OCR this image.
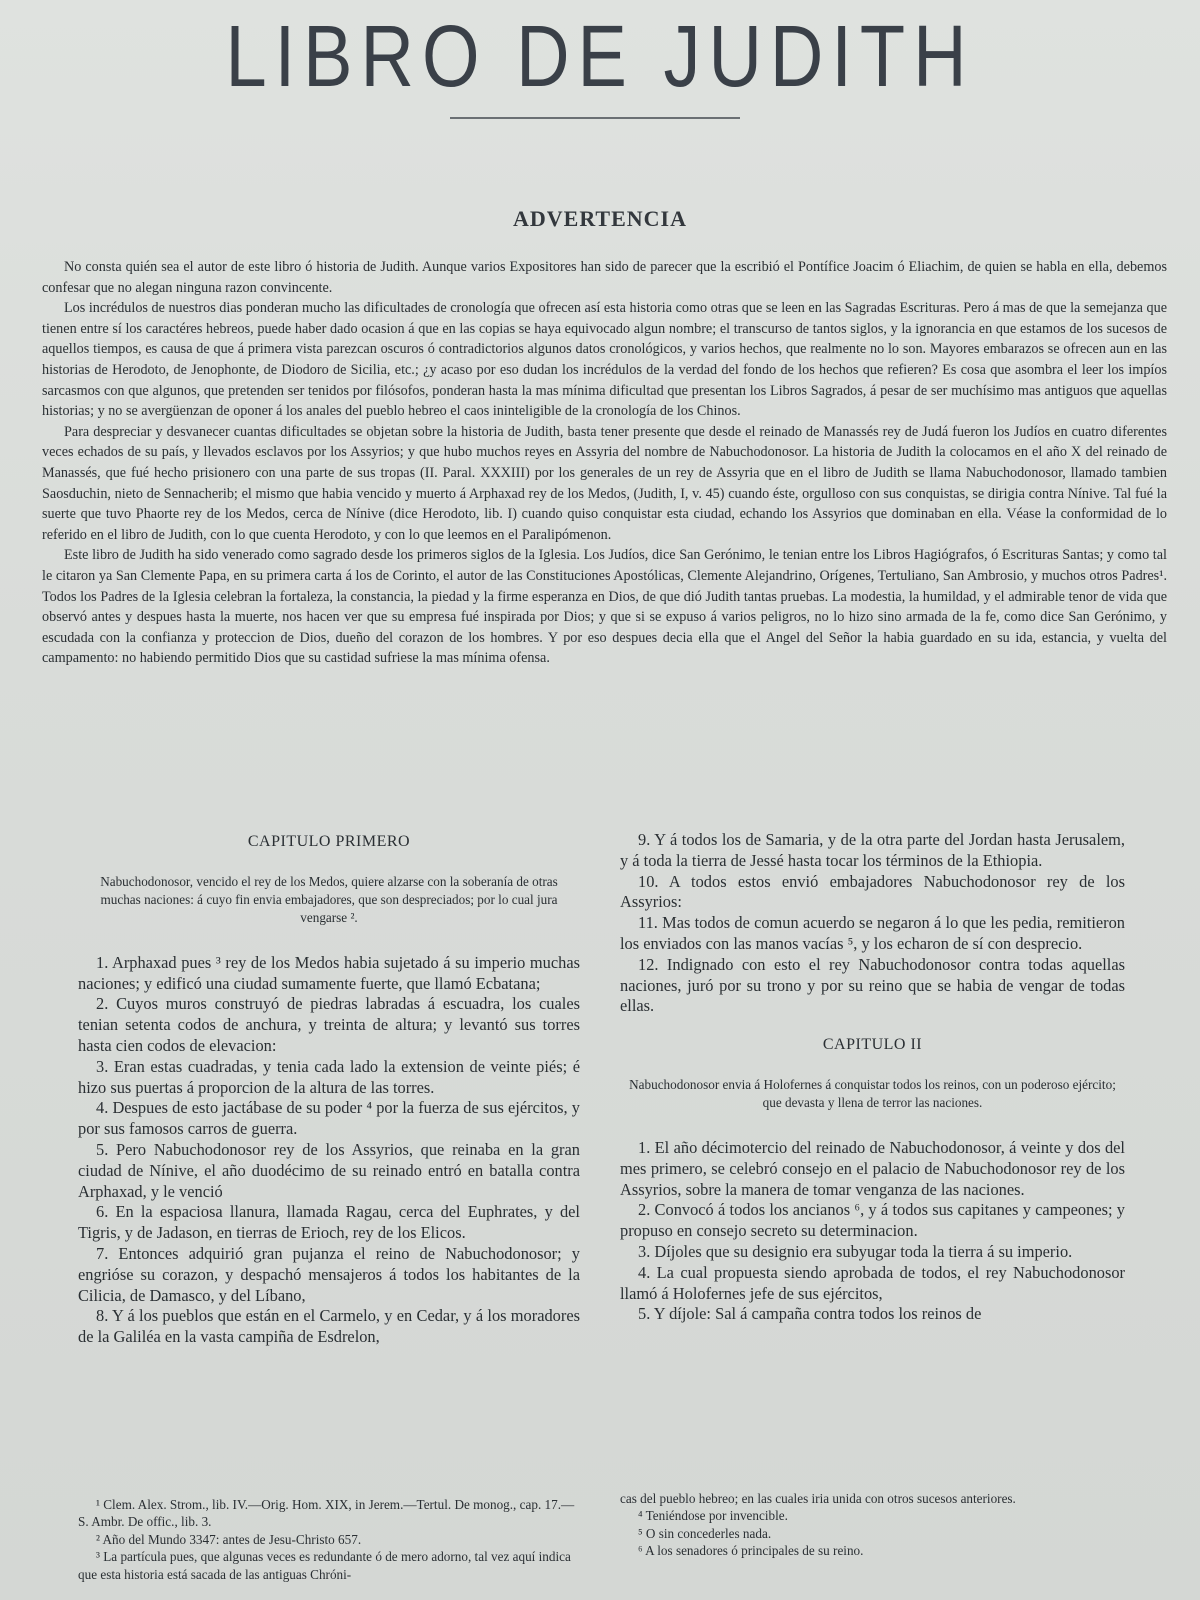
LIBRO DE JUDITH
ADVERTENCIA

No consta quién sea el autor de este libro ó historia de Judith. Aunque varios Expositores han sido de parecer que la escribió el Pontífice Joacim ó Eliachim, de quien se habla en ella, debemos confesar que no alegan ninguna razon convincente.

Los incrédulos de nuestros dias ponderan mucho las dificultades de cronología que ofrecen así esta historia como otras que se leen en las Sagradas Escrituras. Pero á mas de que la semejanza que tienen entre sí los caractéres hebreos, puede haber dado ocasion á que en las copias se haya equivocado algun nombre; el transcurso de tantos siglos, y la ignorancia en que estamos de los sucesos de aquellos tiempos, es causa de que á primera vista parezcan oscuros ó contradictorios algunos datos cronológicos, y varios hechos, que realmente no lo son. Mayores embarazos se ofrecen aun en las historias de Herodoto, de Jenophonte, de Diodoro de Sicilia, etc.; ¿y acaso por eso dudan los incrédulos de la verdad del fondo de los hechos que refieren? Es cosa que asombra el leer los impíos sarcasmos con que algunos, que pretenden ser tenidos por filósofos, ponderan hasta la mas mínima dificultad que presentan los Libros Sagrados, á pesar de ser muchísimo mas antiguos que aquellas historias; y no se avergüenzan de oponer á los anales del pueblo hebreo el caos ininteligible de la cronología de los Chinos.

Para despreciar y desvanecer cuantas dificultades se objetan sobre la historia de Judith, basta tener presente que desde el reinado de Manassés rey de Judá fueron los Judíos en cuatro diferentes veces echados de su país, y llevados esclavos por los Assyrios; y que hubo muchos reyes en Assyria del nombre de Nabuchodonosor. La historia de Judith la colocamos en el año X del reinado de Manassés, que fué hecho prisionero con una parte de sus tropas (II. Paral. XXXIII) por los generales de un rey de Assyria que en el libro de Judith se llama Nabuchodonosor, llamado tambien Saosduchin, nieto de Sennacherib; el mismo que habia vencido y muerto á Arphaxad rey de los Medos, (Judith, I, v. 45) cuando éste, orgulloso con sus conquistas, se dirigia contra Nínive. Tal fué la suerte que tuvo Phaorte rey de los Medos, cerca de Nínive (dice Herodoto, lib. I) cuando quiso conquistar esta ciudad, echando los Assyrios que dominaban en ella. Véase la conformidad de lo referido en el libro de Judith, con lo que cuenta Herodoto, y con lo que leemos en el Paralipómenon.

Este libro de Judith ha sido venerado como sagrado desde los primeros siglos de la Iglesia. Los Judíos, dice San Gerónimo, le tenian entre los Libros Hagiógrafos, ó Escrituras Santas; y como tal le citaron ya San Clemente Papa, en su primera carta á los de Corinto, el autor de las Constituciones Apostólicas, Clemente Alejandrino, Orígenes, Tertuliano, San Ambrosio, y muchos otros Padres¹. Todos los Padres de la Iglesia celebran la fortaleza, la constancia, la piedad y la firme esperanza en Dios, de que dió Judith tantas pruebas. La modestia, la humildad, y el admirable tenor de vida que observó antes y despues hasta la muerte, nos hacen ver que su empresa fué inspirada por Dios; y que si se expuso á varios peligros, no lo hizo sino armada de la fe, como dice San Gerónimo, y escudada con la confianza y proteccion de Dios, dueño del corazon de los hombres. Y por eso despues decia ella que el Angel del Señor la habia guardado en su ida, estancia, y vuelta del campamento: no habiendo permitido Dios que su castidad sufriese la mas mínima ofensa.

CAPITULO PRIMERO

Nabuchodonosor, vencido el rey de los Medos, quiere alzarse con la soberanía de otras muchas naciones: á cuyo fin envia embajadores, que son despreciados; por lo cual jura vengarse ².

1. Arphaxad pues ³ rey de los Medos habia sujetado á su imperio muchas naciones; y edificó una ciudad sumamente fuerte, que llamó Ecbatana;

2. Cuyos muros construyó de piedras labradas á escuadra, los cuales tenian setenta codos de anchura, y treinta de altura; y levantó sus torres hasta cien codos de elevacion:

3. Eran estas cuadradas, y tenia cada lado la extension de veinte piés; é hizo sus puertas á proporcion de la altura de las torres.

4. Despues de esto jactábase de su poder ⁴ por la fuerza de sus ejércitos, y por sus famosos carros de guerra.

5. Pero Nabuchodonosor rey de los Assyrios, que reinaba en la gran ciudad de Nínive, el año duodécimo de su reinado entró en batalla contra Arphaxad, y le venció

6. En la espaciosa llanura, llamada Ragau, cerca del Euphrates, y del Tigris, y de Jadason, en tierras de Erioch, rey de los Elicos.

7. Entonces adquirió gran pujanza el reino de Nabuchodonosor; y engrióse su corazon, y despachó mensajeros á todos los habitantes de la Cilicia, de Damasco, y del Líbano,

8. Y á los pueblos que están en el Carmelo, y en Cedar, y á los moradores de la Galiléa en la vasta campiña de Esdrelon,

9. Y á todos los de Samaria, y de la otra parte del Jordan hasta Jerusalem, y á toda la tierra de Jessé hasta tocar los términos de la Ethiopia.

10. A todos estos envió embajadores Nabuchodonosor rey de los Assyrios:

11. Mas todos de comun acuerdo se negaron á lo que les pedia, remitieron los enviados con las manos vacías ⁵, y los echaron de sí con desprecio.

12. Indignado con esto el rey Nabuchodonosor contra todas aquellas naciones, juró por su trono y por su reino que se habia de vengar de todas ellas.

CAPITULO II

Nabuchodonosor envia á Holofernes á conquistar todos los reinos, con un poderoso ejército; que devasta y llena de terror las naciones.

1. El año décimotercio del reinado de Nabuchodonosor, á veinte y dos del mes primero, se celebró consejo en el palacio de Nabuchodonosor rey de los Assyrios, sobre la manera de tomar venganza de las naciones.

2. Convocó á todos los ancianos ⁶, y á todos sus capitanes y campeones; y propuso en consejo secreto su determinacion.

3. Díjoles que su designio era subyugar toda la tierra á su imperio.

4. La cual propuesta siendo aprobada de todos, el rey Nabuchodonosor llamó á Holofernes jefe de sus ejércitos,

5. Y díjole: Sal á campaña contra todos los reinos de

¹ Clem. Alex. Strom., lib. IV.—Orig. Hom. XIX, in Jerem.—Tertul. De monog., cap. 17.—S. Ambr. De offic., lib. 3.

² Año del Mundo 3347: antes de Jesu-Christo 657.

³ La partícula pues, que algunas veces es redundante ó de mero adorno, tal vez aquí indica que esta historia está sacada de las antiguas Chróni-

cas del pueblo hebreo; en las cuales iria unida con otros sucesos anteriores.

⁴ Teniéndose por invencible.

⁵ O sin concederles nada.

⁶ A los senadores ó principales de su reino.
